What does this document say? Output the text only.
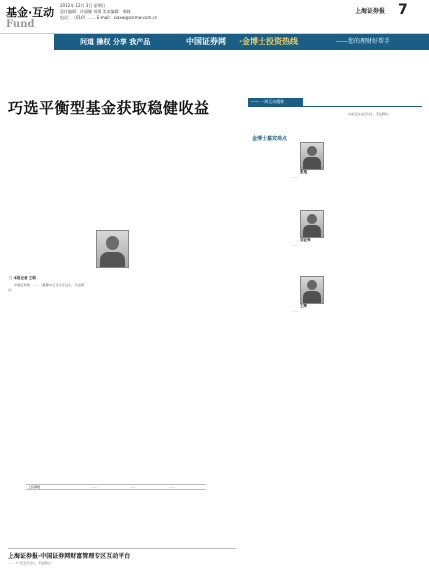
基金·互动
Fund
2012年 12月 3日 星期日
责任编辑：许丽颖 刘琪 美术编辑：邢姝
电话：（010）…… E-mail：xiaxw@zsrmw.com.cn
上海证券报 7
问道 操权 分享 我产品	中国证券网 ·金博士投资热线	——您的理财好帮手
巧选平衡型基金获取稳健收益
□ 本报记者 王烟

中国证券网：……（截图中正文文字过小，无法辨认）

上投摩根	……	……	……
上海证券报·中国证券网财富管理专区互动平台
……（广告文字过小，无法辨认）
—— 一周互动精粹
金博士嘉宾观点
张翔
……
刘亚琴
……
王辉
……

（右栏正文文字过小，无法辨认）
